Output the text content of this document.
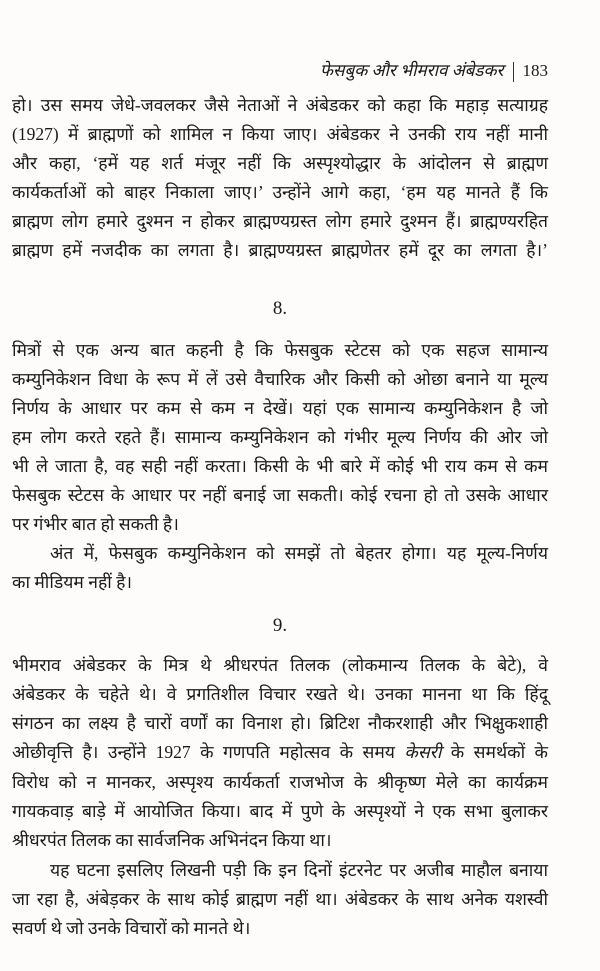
फेसबुक और भीमराव अंबेडकर 183
हो। उस समय जेधे-जवलकर जैसे नेताओं ने अंबेडकर को कहा कि महाड़ सत्याग्रह
(1927) में ब्राह्मणों को शामिल न किया जाए। अंबेडकर ने उनकी राय नहीं मानी
और कहा, ‘हमें यह शर्त मंजूर नहीं कि अस्पृश्योद्धार के आंदोलन से ब्राह्मण
कार्यकर्ताओं को बाहर निकाला जाए।’ उन्होंने आगे कहा, ‘हम यह मानते हैं कि
ब्राह्मण लोग हमारे दुश्मन न होकर ब्राह्मण्यग्रस्त लोग हमारे दुश्मन हैं। ब्राह्मण्यरहित
ब्राह्मण हमें नजदीक का लगता है। ब्राह्मण्यग्रस्त ब्राह्मणेतर हमें दूर का लगता है।’
8.
मित्रों से एक अन्य बात कहनी है कि फेसबुक स्टेटस को एक सहज सामान्य
कम्युनिकेशन विधा के रूप में लें उसे वैचारिक और किसी को ओछा बनाने या मूल्य
निर्णय के आधार पर कम से कम न देखें। यहां एक सामान्य कम्युनिकेशन है जो
हम लोग करते रहते हैं। सामान्य कम्युनिकेशन को गंभीर मूल्य निर्णय की ओर जो
भी ले जाता है, वह सही नहीं करता। किसी के भी बारे में कोई भी राय कम से कम
फेसबुक स्टेटस के आधार पर नहीं बनाई जा सकती। कोई रचना हो तो उसके आधार
पर गंभीर बात हो सकती है।
अंत में, फेसबुक कम्युनिकेशन को समझें तो बेहतर होगा। यह मूल्य-निर्णय
का मीडियम नहीं है।
9.
भीमराव अंबेडकर के मित्र थे श्रीधरपंत तिलक (लोकमान्य तिलक के बेटे), वे
अंबेडकर के चहेते थे। वे प्रगतिशील विचार रखते थे। उनका मानना था कि हिंदू
संगठन का लक्ष्य है चारों वर्णों का विनाश हो। ब्रिटिश नौकरशाही और भिक्षुकशाही
ओछीवृत्ति है। उन्होंने 1927 के गणपति महोत्सव के समय केसरी के समर्थकों के
विरोध को न मानकर, अस्पृश्य कार्यकर्ता राजभोज के श्रीकृष्ण मेले का कार्यक्रम
गायकवाड़ बाड़े में आयोजित किया। बाद में पुणे के अस्पृश्यों ने एक सभा बुलाकर
श्रीधरपंत तिलक का सार्वजनिक अभिनंदन किया था।
यह घटना इसलिए लिखनी पड़ी कि इन दिनों इंटरनेट पर अजीब माहौल बनाया
जा रहा है, अंबेड़कर के साथ कोई ब्राह्मण नहीं था। अंबेडकर के साथ अनेक यशस्वी
सवर्ण थे जो उनके विचारों को मानते थे।
